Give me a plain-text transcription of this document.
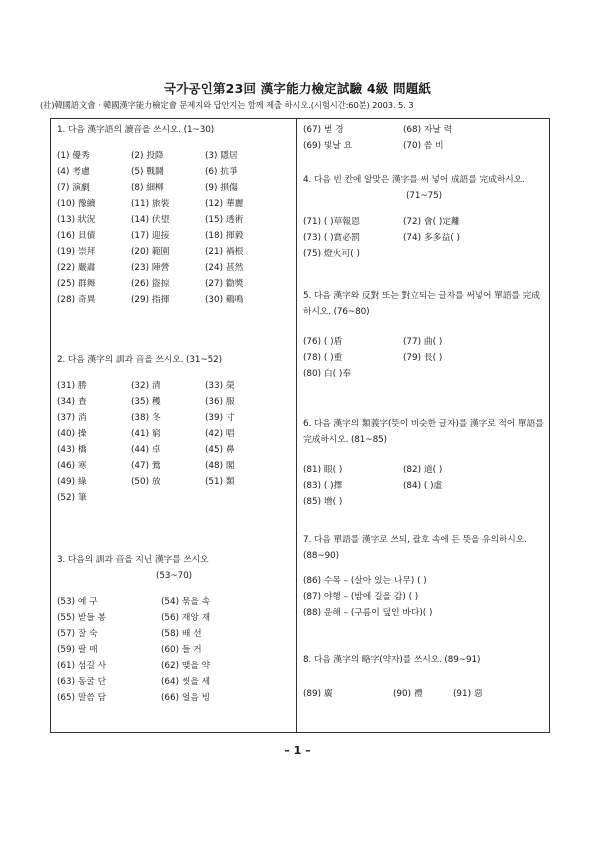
국가공인第23回 漢字能力檢定試驗 4級 問題紙
(社)韓國語文會 · 韓國漢字能力檢定會 문제지와 답안지는 함께 제출 하시오.(시험시간:60분) 2003. 5. 3
1. 다음 漢字語의 讀音을 쓰시오. (1~30)
(1) 優秀	(2) 投降	(3) 隱居
(4) 考慮	(5) 戰鬪	(6) 抗爭
(7) 演劇	(8) 細柳	(9) 損傷
(10) 豫續	(11) 旅裝	(12) 華麗
(13) 狀況	(14) 伏望	(15) 透術
(16) 貝債	(17) 迎接	(18) 揮毅
(19) 崇拜	(20) 範園	(21) 禍根
(22) 嚴肅	(23) 陣營	(24) 甚然
(25) 群舞	(26) 盜掠	(27) 勸獎
(28) 奇異	(29) 指揮	(30) 鷄鳴
2. 다음 漢字의 訓과 音을 쓰시오. (31~52)
(31) 勝	(32) 清	(33) 榮
(34) 査	(35) 穫	(36) 服
(37) 消	(38) 冬	(39) 寸
(40) 操	(41) 窮	(42) 唱
(43) 橋	(44) 卓	(45) 鼻
(46) 寒	(47) 鶯	(48) 閣
(49) 綠	(50) 放	(51) 類
(52) 筆
3. 다음의 訓과 音을 지닌 漢字를 쓰시오
(53~70)
(53) 예 구	(54) 묶을 속
(55) 받들 봉	(56) 재앙 재
(57) 잘 숙	(58) 배 선
(59) 팔 매	(60) 들 거
(61) 섬길 사	(62) 맺을 약
(63) 동굴 단	(64) 씻을 세
(65) 말씀 담	(66) 얼음 빙
(67) 벋 경	(68) 자날 력
(69) 빛날 요	(70) 씀 비
4. 다음 빈 칸에 알맞은 漢字를 써 넣어 成語를 完成하시오.
(71~75)
(71) ( )草報恩	(72) 會( )定離
(73) ( )賞必罰	(74) 多多益( )
(75) 燈火可( )
5. 다음 漢字와 反對 또는 對立되는 글자를 써넣어 單語를 完成하시오. (76~80)
(76) ( )盾	(77) 曲( )
(78) ( )重	(79) 長( )
(80) 白( )奉
6. 다음 漢字의 類義字(뜻이 비슷한 글자)를 漢字로 적어 單語를 完成하시오. (81~85)
(81) 眼( )	(82) 道( )
(83) ( )擇	(84) ( )虛
(85) 增( )
7. 다음 單語를 漢字로 쓰되, 괄호 속에 든 뜻을 유의하시오. (88~90)
(86) 수목 – (살아 있는 나무) ( )
(87) 야행 – (밤에 길을 감) ( )
(88) 운해 – (구름이 덮인 바다)( )
8. 다음 漢字의 略字(약자)를 쓰시오. (89~91)
(89) 廣	(90) 禮	(91) 惡
– 1 –
